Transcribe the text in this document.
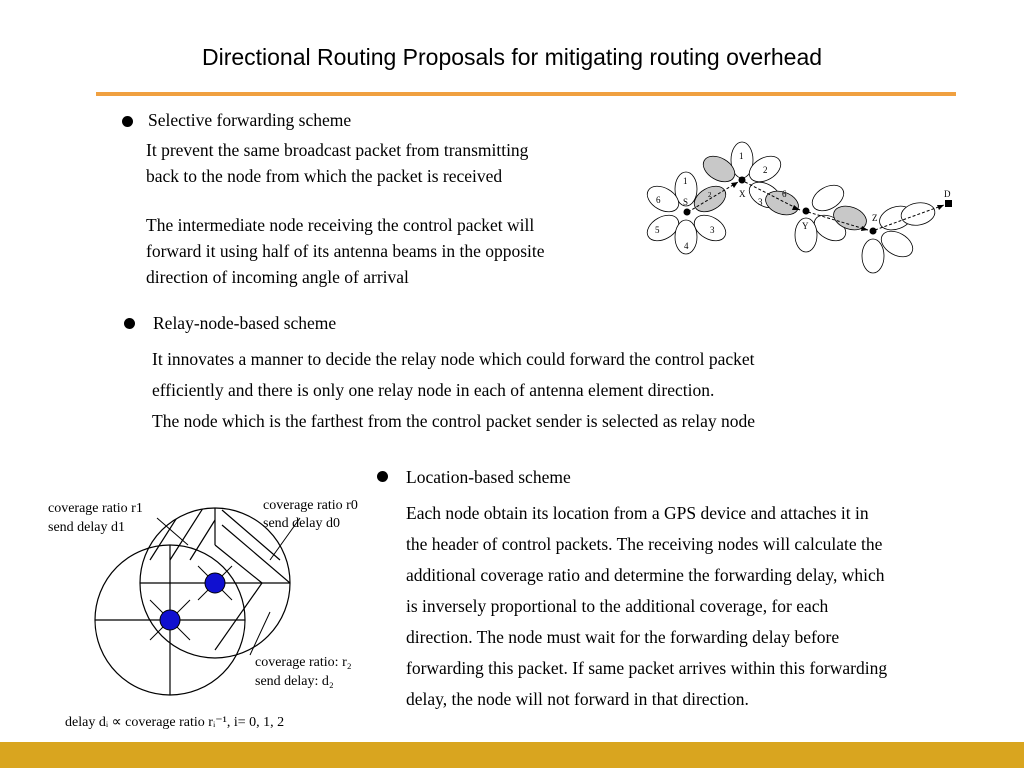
Directional Routing Proposals for mitigating routing overhead
Selective forwarding scheme
It prevent the same broadcast packet from transmitting
back to the node from which the packet is received
The intermediate node receiving the control packet will
forward it using half of its antenna beams in the opposite
direction of incoming angle of arrival
S
X
Y
Z
D
1
6
5
4
3
2
1
2
3
6
Relay-node-based scheme
It innovates a manner to decide the relay node which could forward the control packet
efficiently and there is only one relay node in each of antenna element direction.
The node which is the farthest from the control packet sender is selected as relay node
coverage ratio r1
send delay d1
coverage ratio r0
send delay d0
coverage ratio: r₂
send delay: d₂
delay dᵢ ∝ coverage ratio rᵢ⁻¹, i= 0, 1, 2
Location-based scheme
Each node obtain its location from a GPS device and attaches it in
the header of control packets. The receiving nodes will calculate the
additional coverage ratio and determine the forwarding delay, which
is inversely proportional to the additional coverage, for each
direction. The node must wait for the forwarding delay before
forwarding this packet. If same packet arrives within this forwarding
delay, the node will not forward in that direction.
